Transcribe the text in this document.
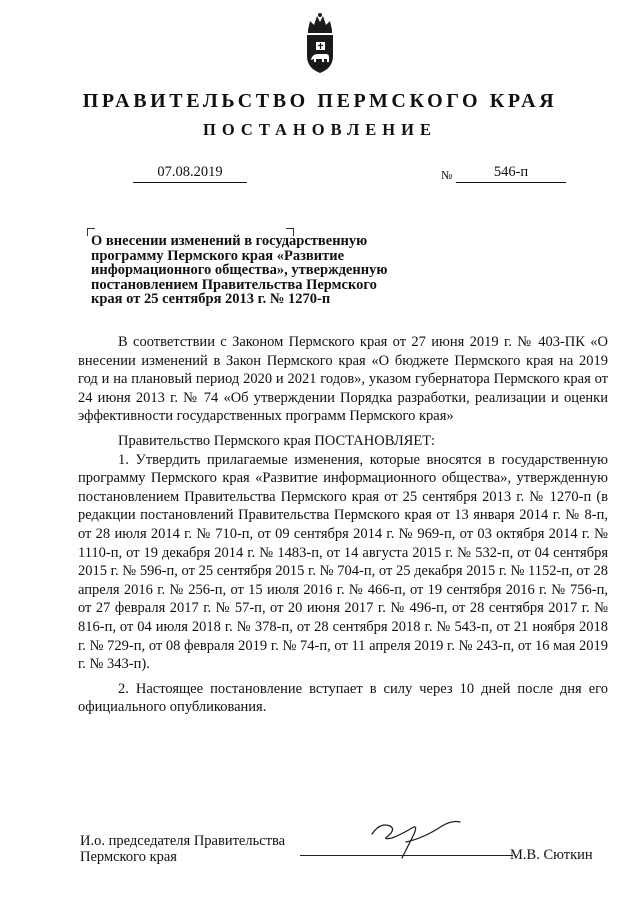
ПРАВИТЕЛЬСТВО ПЕРМСКОГО КРАЯ
ПОСТАНОВЛЕНИЕ
07.08.2019	№	546-п
О внесении изменений в государственную
программу Пермского края «Развитие
информационного общества», утвержденную
постановлением Правительства Пермского
края от 25 сентября 2013 г. № 1270-п

В соответствии с Законом Пермского края от 27 июня 2019 г. № 403-ПК «О внесении изменений в Закон Пермского края «О бюджете Пермского края на 2019 год и на плановый период 2020 и 2021 годов», указом губернатора Пермского края от 24 июня 2013 г. № 74 «Об утверждении Порядка разработки, реализации и оценки эффективности государственных программ Пермского края»

Правительство Пермского края ПОСТАНОВЛЯЕТ:

1. Утвердить прилагаемые изменения, которые вносятся в государственную программу Пермского края «Развитие информационного общества», утвержденную постановлением Правительства Пермского края от 25 сентября 2013 г. № 1270-п (в редакции постановлений Правительства Пермского края от 13 января 2014 г. № 8-п, от 28 июля 2014 г. № 710-п, от 09 сентября 2014 г. № 969-п, от 03 октября 2014 г. № 1110-п, от 19 декабря 2014 г. № 1483-п, от 14 августа 2015 г. № 532-п, от 04 сентября 2015 г. № 596-п, от 25 сентября 2015 г. № 704-п, от 25 декабря 2015 г. № 1152-п, от 28 апреля 2016 г. № 256-п, от 15 июля 2016 г. № 466-п, от 19 сентября 2016 г. № 756-п, от 27 февраля 2017 г. № 57-п, от 20 июня 2017 г. № 496-п, от 28 сентября 2017 г. № 816-п, от 04 июля 2018 г. № 378-п, от 28 сентября 2018 г. № 543-п, от 21 ноября 2018 г. № 729-п, от 08 февраля 2019 г. № 74-п, от 11 апреля 2019 г. № 243-п, от 16 мая 2019 г. № 343-п).

2. Настоящее постановление вступает в силу через 10 дней после дня его официального опубликования.

И.о. председателя Правительства
Пермского края	М.В. Сюткин
